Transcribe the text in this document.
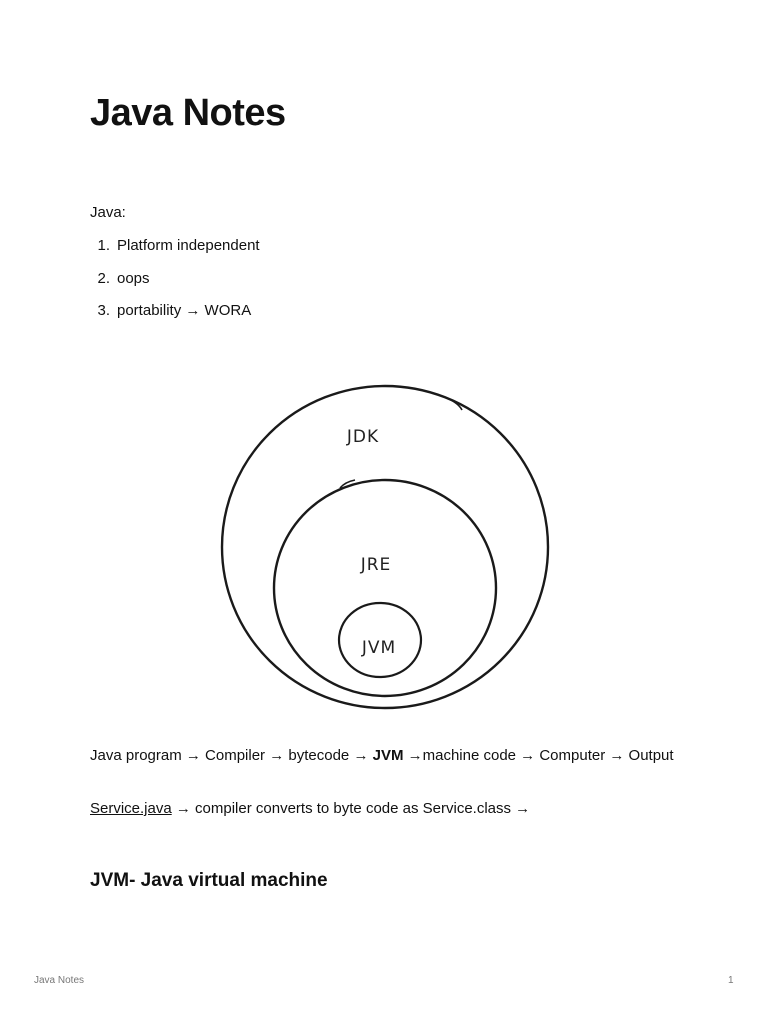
Java Notes
Java:
1. Platform independent
2. oops
3. portability → WORA
JDK
JRE
JVM
Java program → Compiler → bytecode → JVM →machine code → Computer → Output
Service.java → compiler converts to byte code as Service.class →
JVM- Java virtual machine
Java Notes	1
